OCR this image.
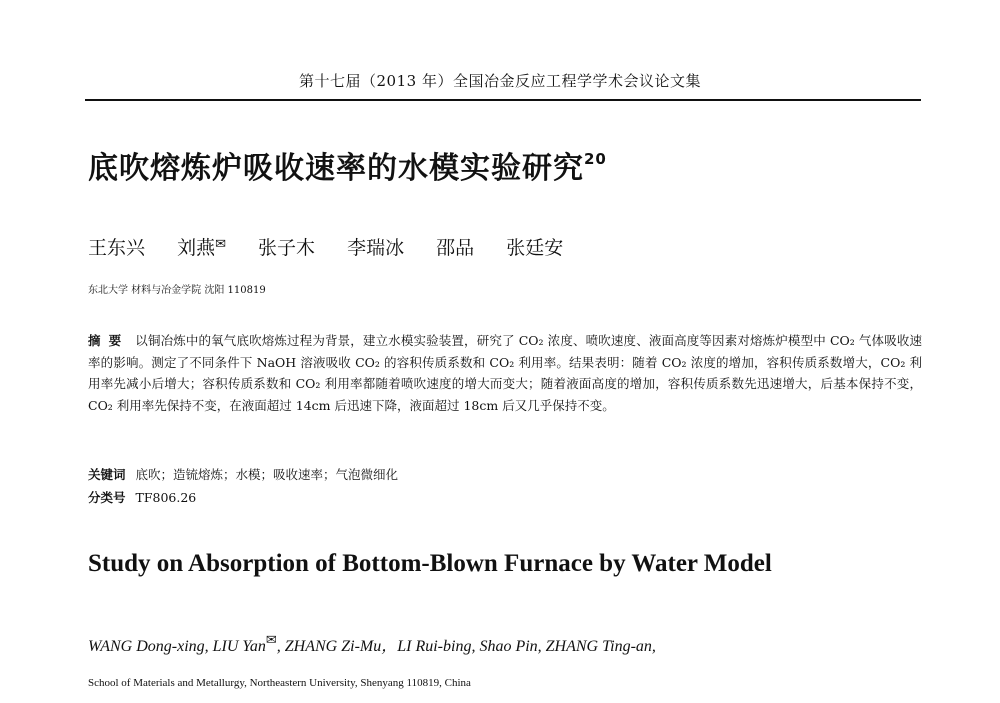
第十七届（2013 年）全国冶金反应工程学学术会议论文集
底吹熔炼炉吸收速率的水模实验研究$^{20}$
王东兴 刘燕✉ 张子木 李瑞冰 邵品 张廷安
东北大学 材料与冶金学院 沈阳 110819
摘要 以铜冶炼中的氧气底吹熔炼过程为背景，建立水模实验装置，研究了 CO₂ 浓度、喷吹速度、液面高度等因素对熔炼炉模型中 CO₂ 气体吸收速率的影响。测定了不同条件下 NaOH 溶液吸收 CO₂ 的容积传质系数和 CO₂ 利用率。结果表明：随着 CO₂ 浓度的增加，容积传质系数增大，CO₂ 利用率先减小后增大；容积传质系数和 CO₂ 利用率都随着喷吹速度的增大而变大；随着液面高度的增加，容积传质系数先迅速增大，后基本保持不变，CO₂ 利用率先保持不变，在液面超过 14cm 后迅速下降，液面超过 18cm 后又几乎保持不变。
关键词 底吹；造锍熔炼；水模；吸收速率；气泡微细化
分类号 TF806.26
Study on Absorption of Bottom-Blown Furnace by Water Model
WANG Dong-xing, LIU Yan✉, ZHANG Zi-Mu，LI Rui-bing, Shao Pin, ZHANG Ting-an,
School of Materials and Metallurgy, Northeastern University, Shenyang 110819, China
